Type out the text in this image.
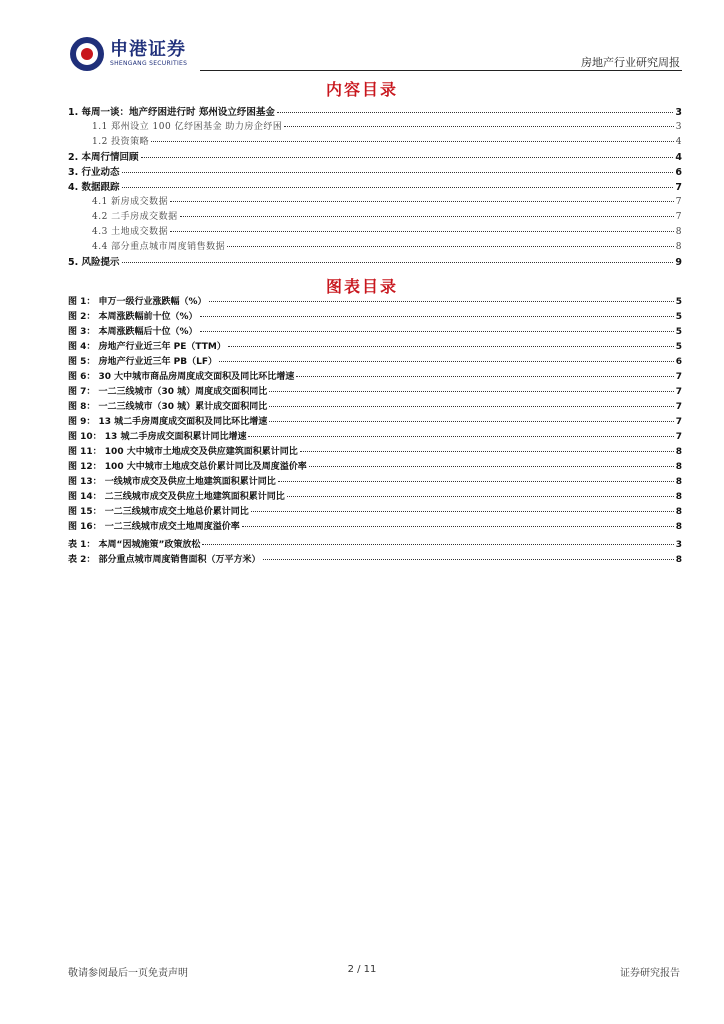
申港证券
SHENGANG SECURITIES	房地产行业研究周报
内容目录
1. 每周一谈：地产纾困进行时 郑州设立纾困基金	3
1.1 郑州设立 100 亿纾困基金 助力房企纾困	3
1.2 投资策略	4
2. 本周行情回顾	4
3. 行业动态	6
4. 数据跟踪	7
4.1 新房成交数据	7
4.2 二手房成交数据	7
4.3 土地成交数据	8
4.4 部分重点城市周度销售数据	8
5. 风险提示	9
图表目录
图 1： 申万一级行业涨跌幅（%）	5
图 2： 本周涨跌幅前十位（%）	5
图 3： 本周涨跌幅后十位（%）	5
图 4： 房地产行业近三年 PE（TTM）	5
图 5： 房地产行业近三年 PB（LF）	6
图 6： 30 大中城市商品房周度成交面积及同比环比增速	7
图 7： 一二三线城市（30 城）周度成交面积同比	7
图 8： 一二三线城市（30 城）累计成交面积同比	7
图 9： 13 城二手房周度成交面积及同比环比增速	7
图 10： 13 城二手房成交面积累计同比增速	7
图 11： 100 大中城市土地成交及供应建筑面积累计同比	8
图 12： 100 大中城市土地成交总价累计同比及周度溢价率	8
图 13： 一线城市成交及供应土地建筑面积累计同比	8
图 14： 二三线城市成交及供应土地建筑面积累计同比	8
图 15： 一二三线城市成交土地总价累计同比	8
图 16： 一二三线城市成交土地周度溢价率	8
表 1： 本周“因城施策”政策放松	3
表 2： 部分重点城市周度销售面积（万平方米）	8
敬请参阅最后一页免责声明	2 / 11	证券研究报告
